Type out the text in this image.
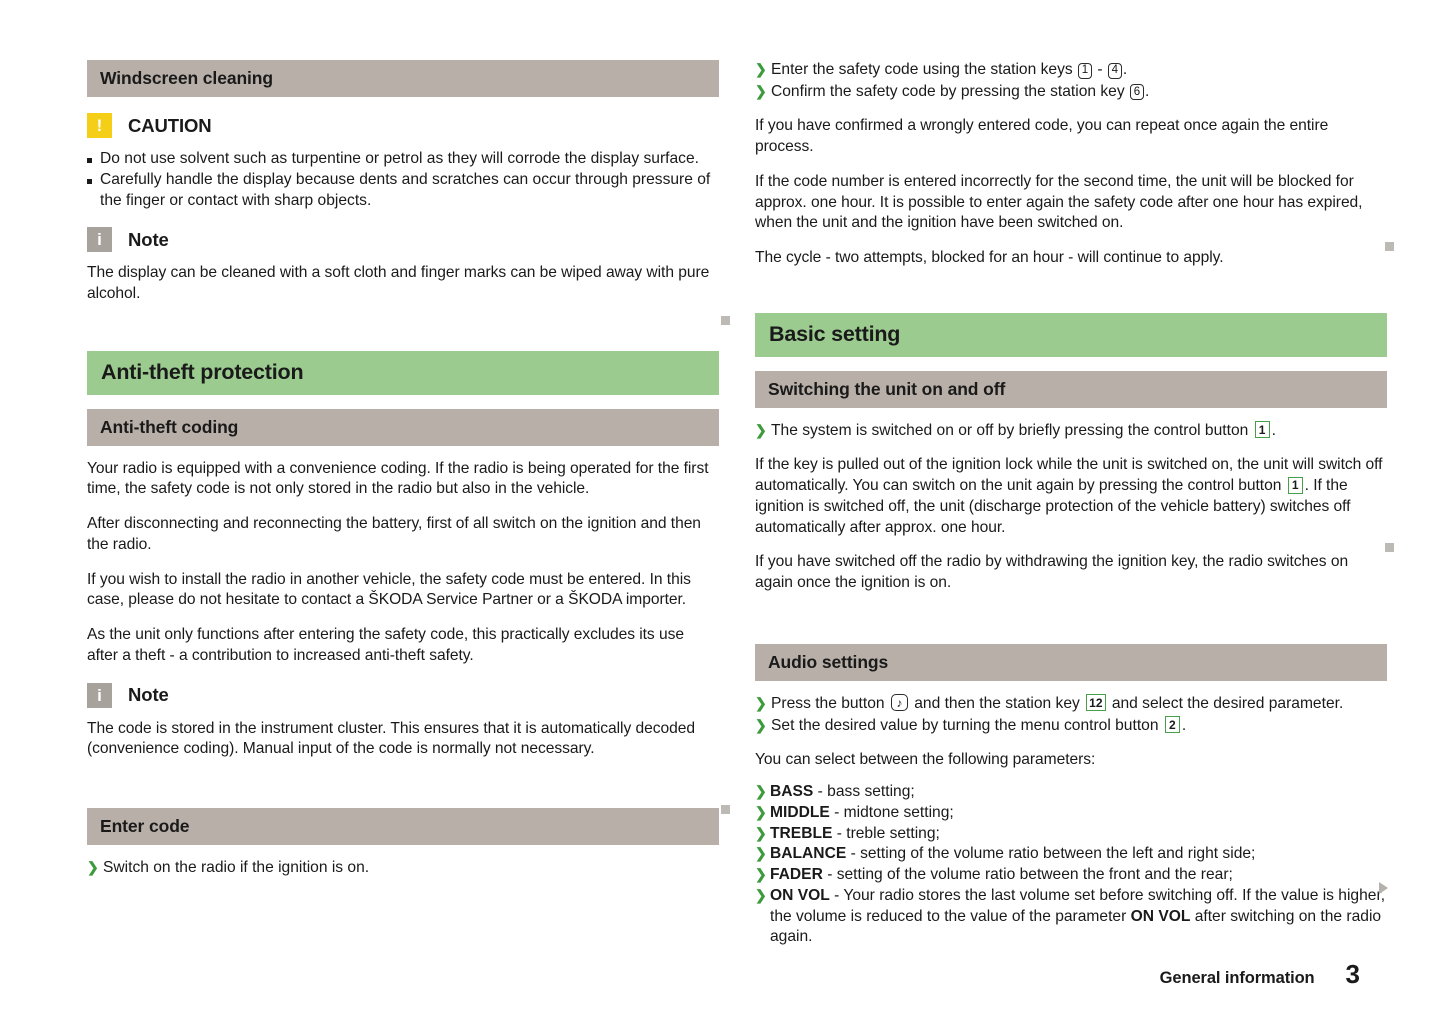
Windscreen cleaning
!	CAUTION
Do not use solvent such as turpentine or petrol as they will corrode the display surface.
Carefully handle the display because dents and scratches can occur through pressure of the finger or contact with sharp objects.
i	Note

The display can be cleaned with a soft cloth and finger marks can be wiped away with pure alcohol.

Anti-theft protection
Anti-theft coding

Your radio is equipped with a convenience coding. If the radio is being operated for the first time, the safety code is not only stored in the radio but also in the vehicle.

After disconnecting and reconnecting the battery, first of all switch on the ignition and then the radio.

If you wish to install the radio in another vehicle, the safety code must be entered. In this case, please do not hesitate to contact a ŠKODA Service Partner or a ŠKODA importer.

As the unit only functions after entering the safety code, this practically excludes its use after a theft - a contribution to increased anti-theft safety.

i	Note

The code is stored in the instrument cluster. This ensures that it is automatically decoded (convenience coding). Manual input of the code is normally not necessary.

Enter code
❯ Switch on the radio if the ignition is on.
❯ Enter the safety code using the station keys 1 - 4 .
❯ Confirm the safety code by pressing the station key 6 .

If you have confirmed a wrongly entered code, you can repeat once again the entire process.

If the code number is entered incorrectly for the second time, the unit will be blocked for approx. one hour. It is possible to enter again the safety code after one hour has expired, when the unit and the ignition have been switched on.

The cycle - two attempts, blocked for an hour - will continue to apply.

Basic setting
Switching the unit on and off
❯ The system is switched on or off by briefly pressing the control button 1 .

If the key is pulled out of the ignition lock while the unit is switched on, the unit will switch off automatically. You can switch on the unit again by pressing the control button 1 . If the ignition is switched off, the unit (discharge protection of the vehicle battery) switches off automatically after approx. one hour.

If you have switched off the radio by withdrawing the ignition key, the radio switches on again once the ignition is on.

Audio settings
❯ Press the button ♪ and then the station key 12 and select the desired parameter.
❯ Set the desired value by turning the menu control button 2 .

You can select between the following parameters:

❯ BASS - bass setting;
❯ MIDDLE - midtone setting;
❯ TREBLE - treble setting;
❯ BALANCE - setting of the volume ratio between the left and right side;
❯ FADER - setting of the volume ratio between the front and the rear;
❯ ON VOL - Your radio stores the last volume set before switching off. If the value is higher, the volume is reduced to the value of the parameter ON VOL after switching on the radio again.
General information 3
